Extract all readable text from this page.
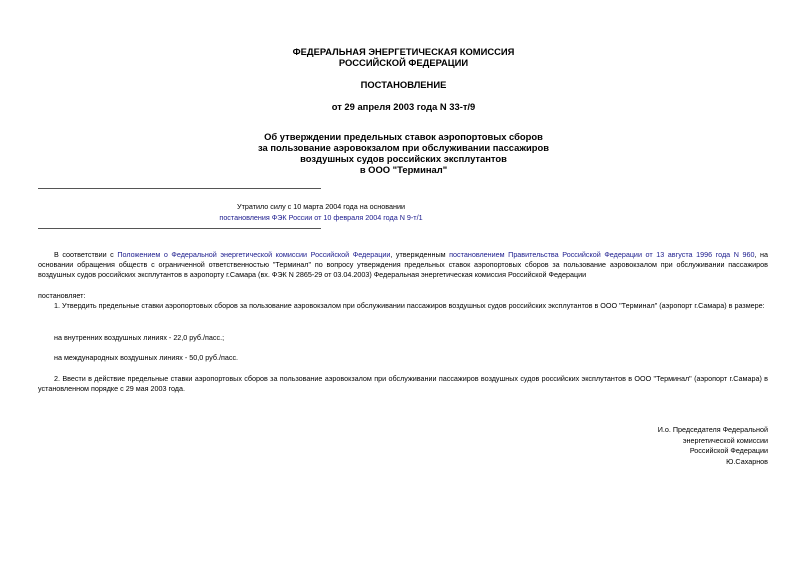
ФЕДЕРАЛЬНАЯ ЭНЕРГЕТИЧЕСКАЯ КОМИССИЯ
РОССИЙСКОЙ ФЕДЕРАЦИИ
ПОСТАНОВЛЕНИЕ
от 29 апреля 2003 года N 33-т/9
Об утверждении предельных ставок аэропортовых сборов
за пользование аэровокзалом при обслуживании пассажиров
воздушных судов российских эксплутантов
в ООО "Терминал"
Утратило силу с 10 марта 2004 года на основании
постановления ФЭК России от 10 февраля 2004 года N 9-т/1
В соответствии с Положением о Федеральной энергетической комиссии Российской Федерации, утвержденным постановлением Правительства Российской Федерации от 13 августа 1996 года N 960, на основании обращения обществ с ограниченной ответственностью "Терминал" по вопросу утверждения предельных ставок аэропортовых сборов за пользование аэровокзалом при обслуживании пассажиров воздушных судов российских эксплутантов в аэропорту г.Самара (вх. ФЭК N 2865-29 от 03.04.2003) Федеральная энергетическая комиссия Российской Федерации
постановляет:
1. Утвердить предельные ставки аэропортовых сборов за пользование аэровокзалом при обслуживании пассажиров воздушных судов российских эксплутантов в ООО "Терминал" (аэропорт г.Самара) в размере:
на внутренних воздушных линиях - 22,0 руб./пасс.;
на международных воздушных линиях - 50,0 руб./пасс.
2. Ввести в действие предельные ставки аэропортовых сборов за пользование аэровокзалом при обслуживании пассажиров воздушных судов российских эксплутантов в ООО "Терминал" (аэропорт г.Самара) в установленном порядке с 29 мая 2003 года.
И.о. Председателя Федеральной
энергетической комиссии
Российской Федерации
Ю.Сахарнов
